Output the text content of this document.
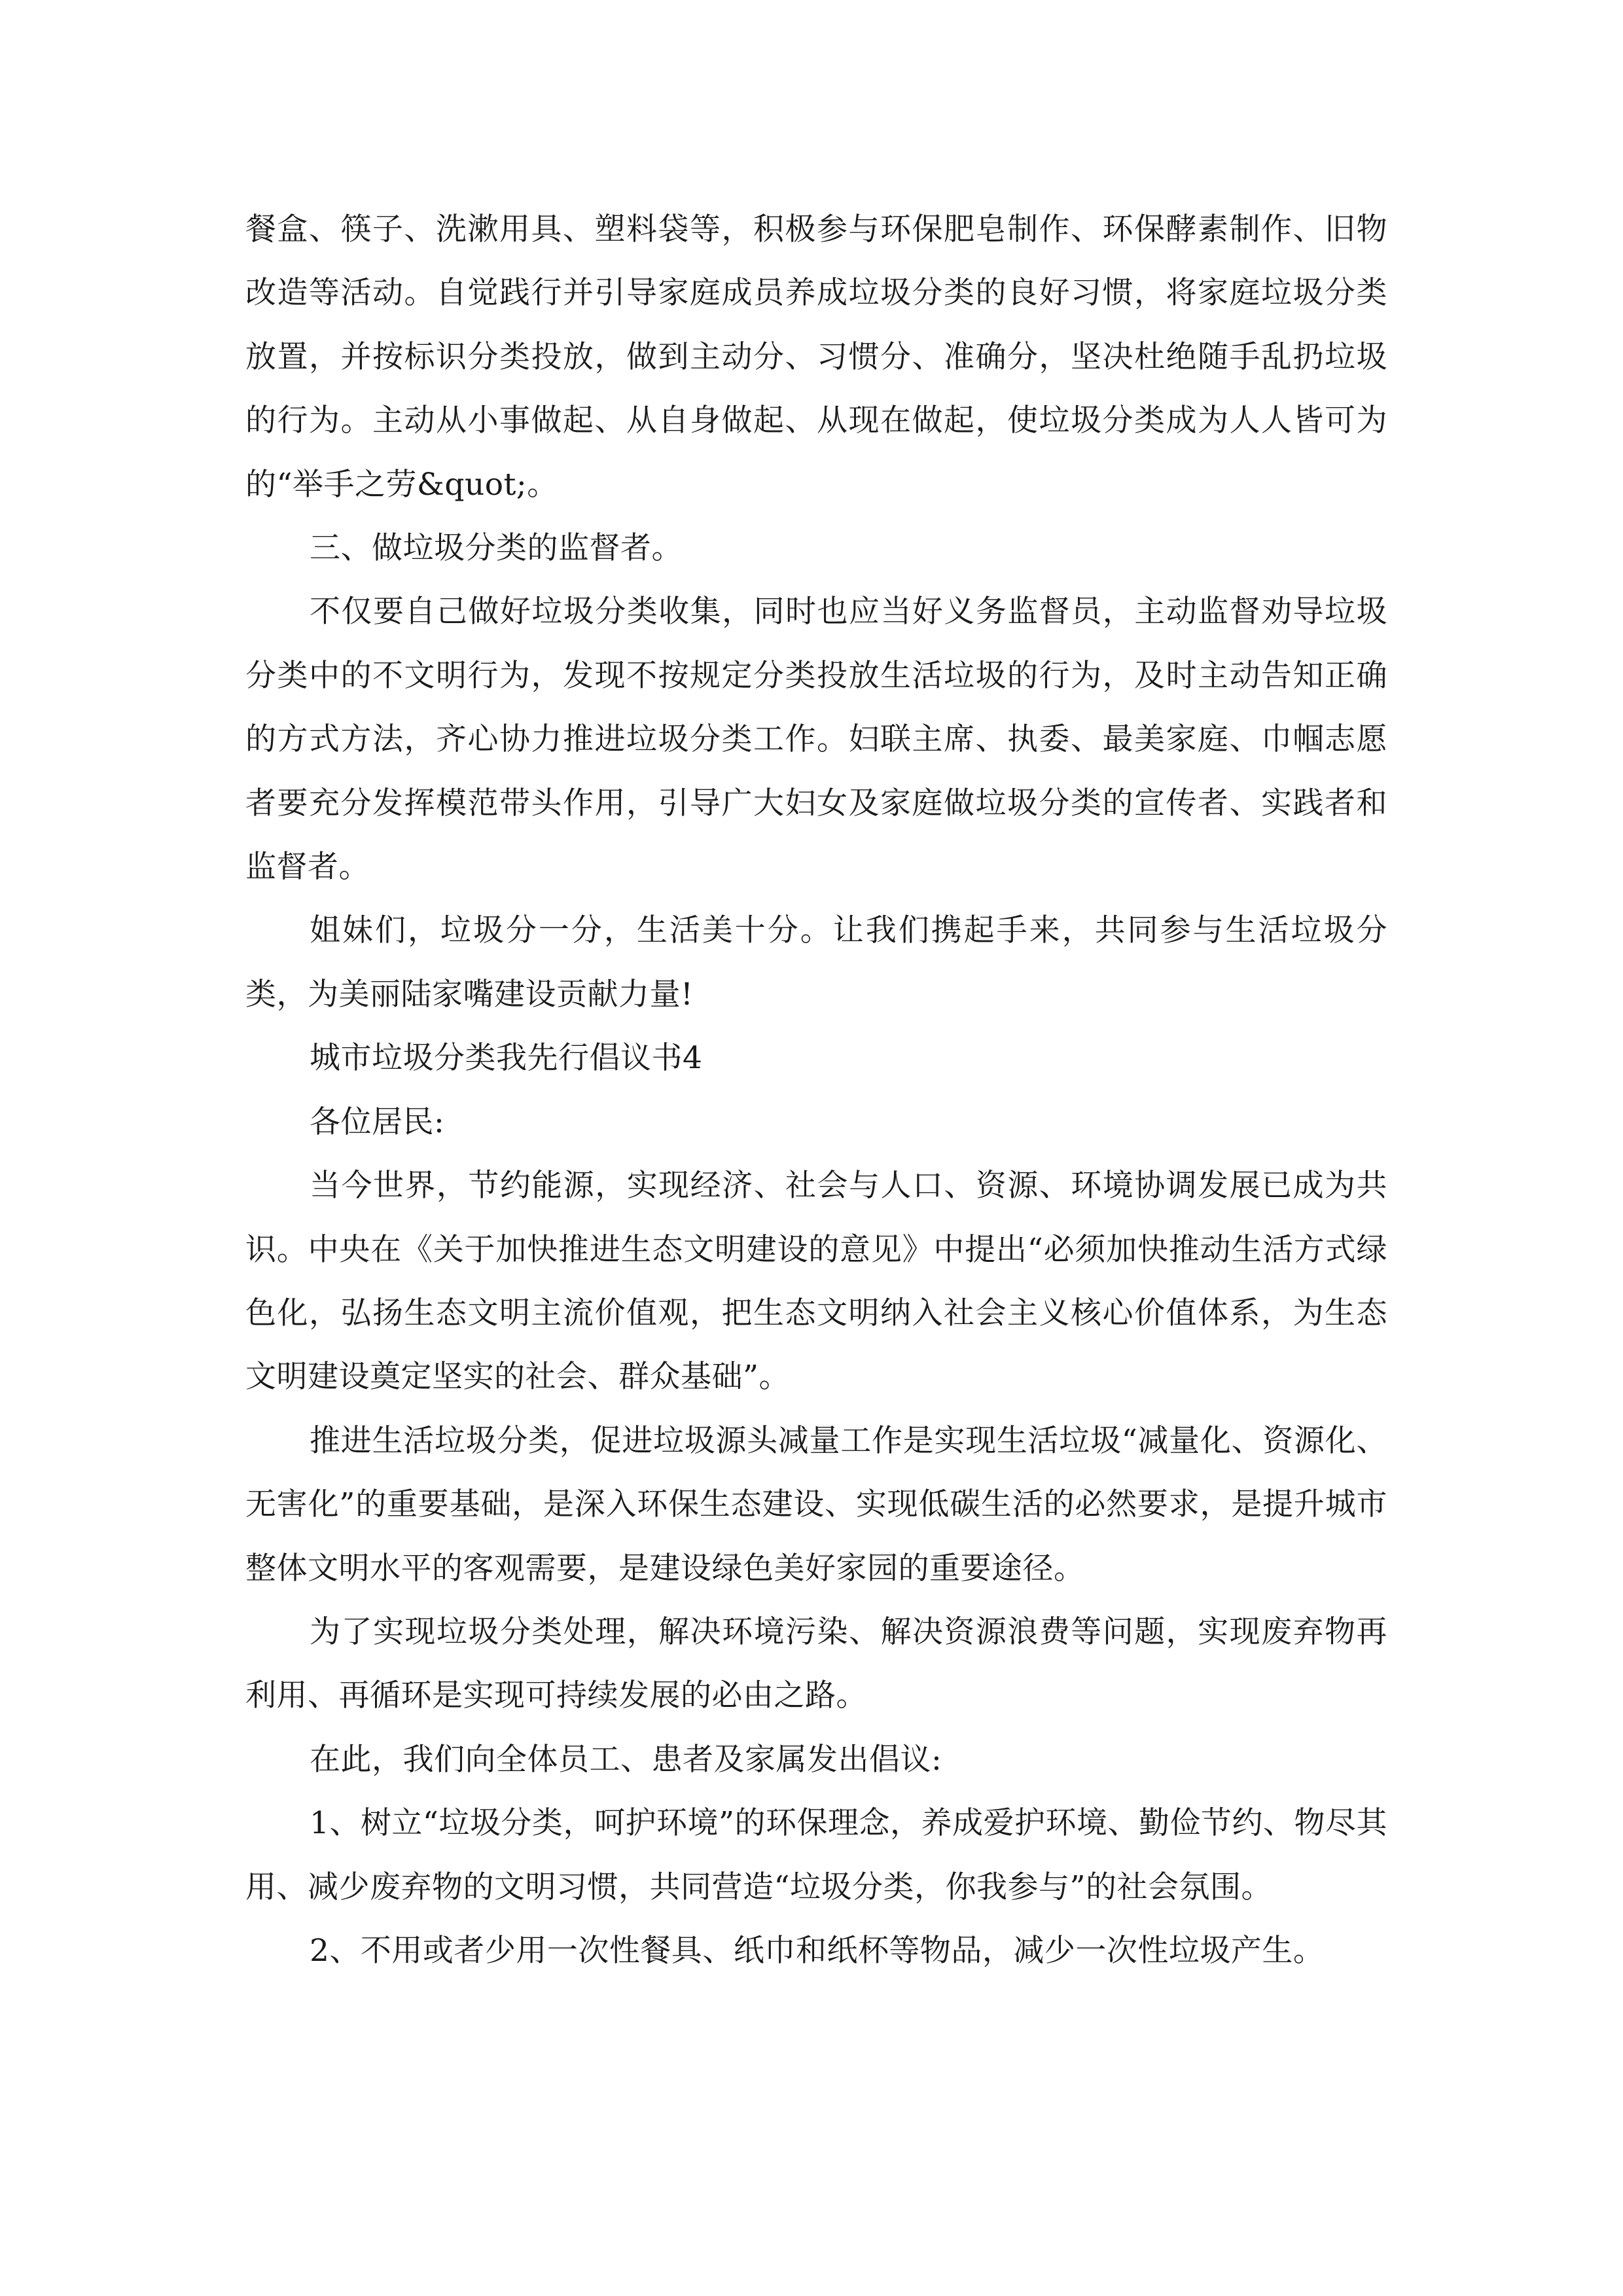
餐盒、筷子、洗漱用具、塑料袋等，积极参与环保肥皂制作、环保酵素制作、旧物改造等活动。自觉践行并引导家庭成员养成垃圾分类的良好习惯，将家庭垃圾分类放置，并按标识分类投放，做到主动分、习惯分、准确分，坚决杜绝随手乱扔垃圾的行为。主动从小事做起、从自身做起、从现在做起，使垃圾分类成为人人皆可为的“举手之劳&quot;。

三、做垃圾分类的监督者。

不仅要自己做好垃圾分类收集，同时也应当好义务监督员，主动监督劝导垃圾分类中的不文明行为，发现不按规定分类投放生活垃圾的行为，及时主动告知正确的方式方法，齐心协力推进垃圾分类工作。妇联主席、执委、最美家庭、巾帼志愿者要充分发挥模范带头作用，引导广大妇女及家庭做垃圾分类的宣传者、实践者和监督者。

姐妹们，垃圾分一分，生活美十分。让我们携起手来，共同参与生活垃圾分类，为美丽陆家嘴建设贡献力量!

城市垃圾分类我先行倡议书4

各位居民:

当今世界，节约能源，实现经济、社会与人口、资源、环境协调发展已成为共识。中央在《关于加快推进生态文明建设的意见》中提出“必须加快推动生活方式绿色化，弘扬生态文明主流价值观，把生态文明纳入社会主义核心价值体系，为生态文明建设奠定坚实的社会、群众基础”。

推进生活垃圾分类，促进垃圾源头减量工作是实现生活垃圾“减量化、资源化、无害化”的重要基础，是深入环保生态建设、实现低碳生活的必然要求，是提升城市整体文明水平的客观需要，是建设绿色美好家园的重要途径。

为了实现垃圾分类处理，解决环境污染、解决资源浪费等问题，实现废弃物再利用、再循环是实现可持续发展的必由之路。

在此，我们向全体员工、患者及家属发出倡议:

1、树立“垃圾分类，呵护环境”的环保理念，养成爱护环境、勤俭节约、物尽其用、减少废弃物的文明习惯，共同营造“垃圾分类，你我参与”的社会氛围。

2、不用或者少用一次性餐具、纸巾和纸杯等物品，减少一次性垃圾产生。
